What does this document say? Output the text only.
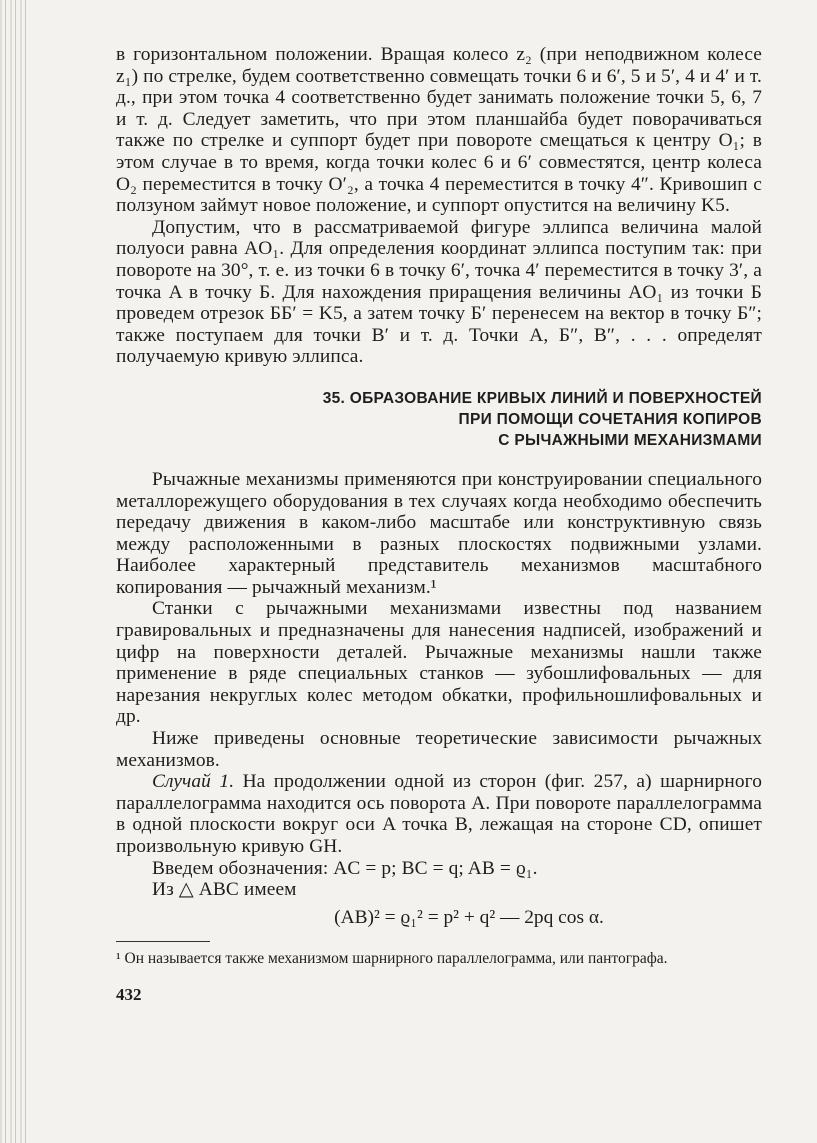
в горизонтальном положении. Вращая колесо z₂ (при неподвижном колесе z₁) по стрелке, будем соответственно совмещать точки 6 и 6′, 5 и 5′, 4 и 4′ и т. д., при этом точка 4 соответственно будет занимать положение точки 5, 6, 7 и т. д. Следует заметить, что при этом планшайба будет поворачиваться также по стрелке и суппорт будет при повороте смещаться к центру O₁; в этом случае в то время, когда точки колес 6 и 6′ совместятся, центр колеса O₂ переместится в точку O′₂, а точка 4 переместится в точку 4″. Кривошип с ползуном займут новое положение, и суппорт опустится на величину K5.

Допустим, что в рассматриваемой фигуре эллипса величина малой полуоси равна AO₁. Для определения координат эллипса поступим так: при повороте на 30°, т. е. из точки 6 в точку 6′, точка 4′ переместится в точку 3′, а точка A в точку Б. Для нахождения приращения величины AO₁ из точки Б проведем отрезок ББ′ = K5, а затем точку Б′ перенесем на вектор в точку Б″; также поступаем для точки B′ и т. д. Точки A, Б″, B″, . . . определят получаемую кривую эллипса.

35. ОБРАЗОВАНИЕ КРИВЫХ ЛИНИЙ И ПОВЕРХНОСТЕЙ
ПРИ ПОМОЩИ СОЧЕТАНИЯ КОПИРОВ
С РЫЧАЖНЫМИ МЕХАНИЗМАМИ

Рычажные механизмы применяются при конструировании специального металлорежущего оборудования в тех случаях когда необходимо обеспечить передачу движения в каком-либо масштабе или конструктивную связь между расположенными в разных плоскостях подвижными узлами. Наиболее характерный представитель механизмов масштабного копирования — рычажный механизм.¹

Станки с рычажными механизмами известны под названием гравировальных и предназначены для нанесения надписей, изображений и цифр на поверхности деталей. Рычажные механизмы нашли также применение в ряде специальных станков — зубошлифовальных — для нарезания некруглых колес методом обкатки, профильношлифовальных и др.

Ниже приведены основные теоретические зависимости рычажных механизмов.

Случай 1. На продолжении одной из сторон (фиг. 257, a) шарнирного параллелограмма находится ось поворота A. При повороте параллелограмма в одной плоскости вокруг оси A точка B, лежащая на стороне CD, опишет произвольную кривую GH.

Введем обозначения: AC = p; BC = q; AB = ϱ₁.

Из △ ABC имеем

(AB)² = ϱ₁² = p² + q² — 2pq cos α.
¹ Он называется также механизмом шарнирного параллелограмма, или пантографа.
432
